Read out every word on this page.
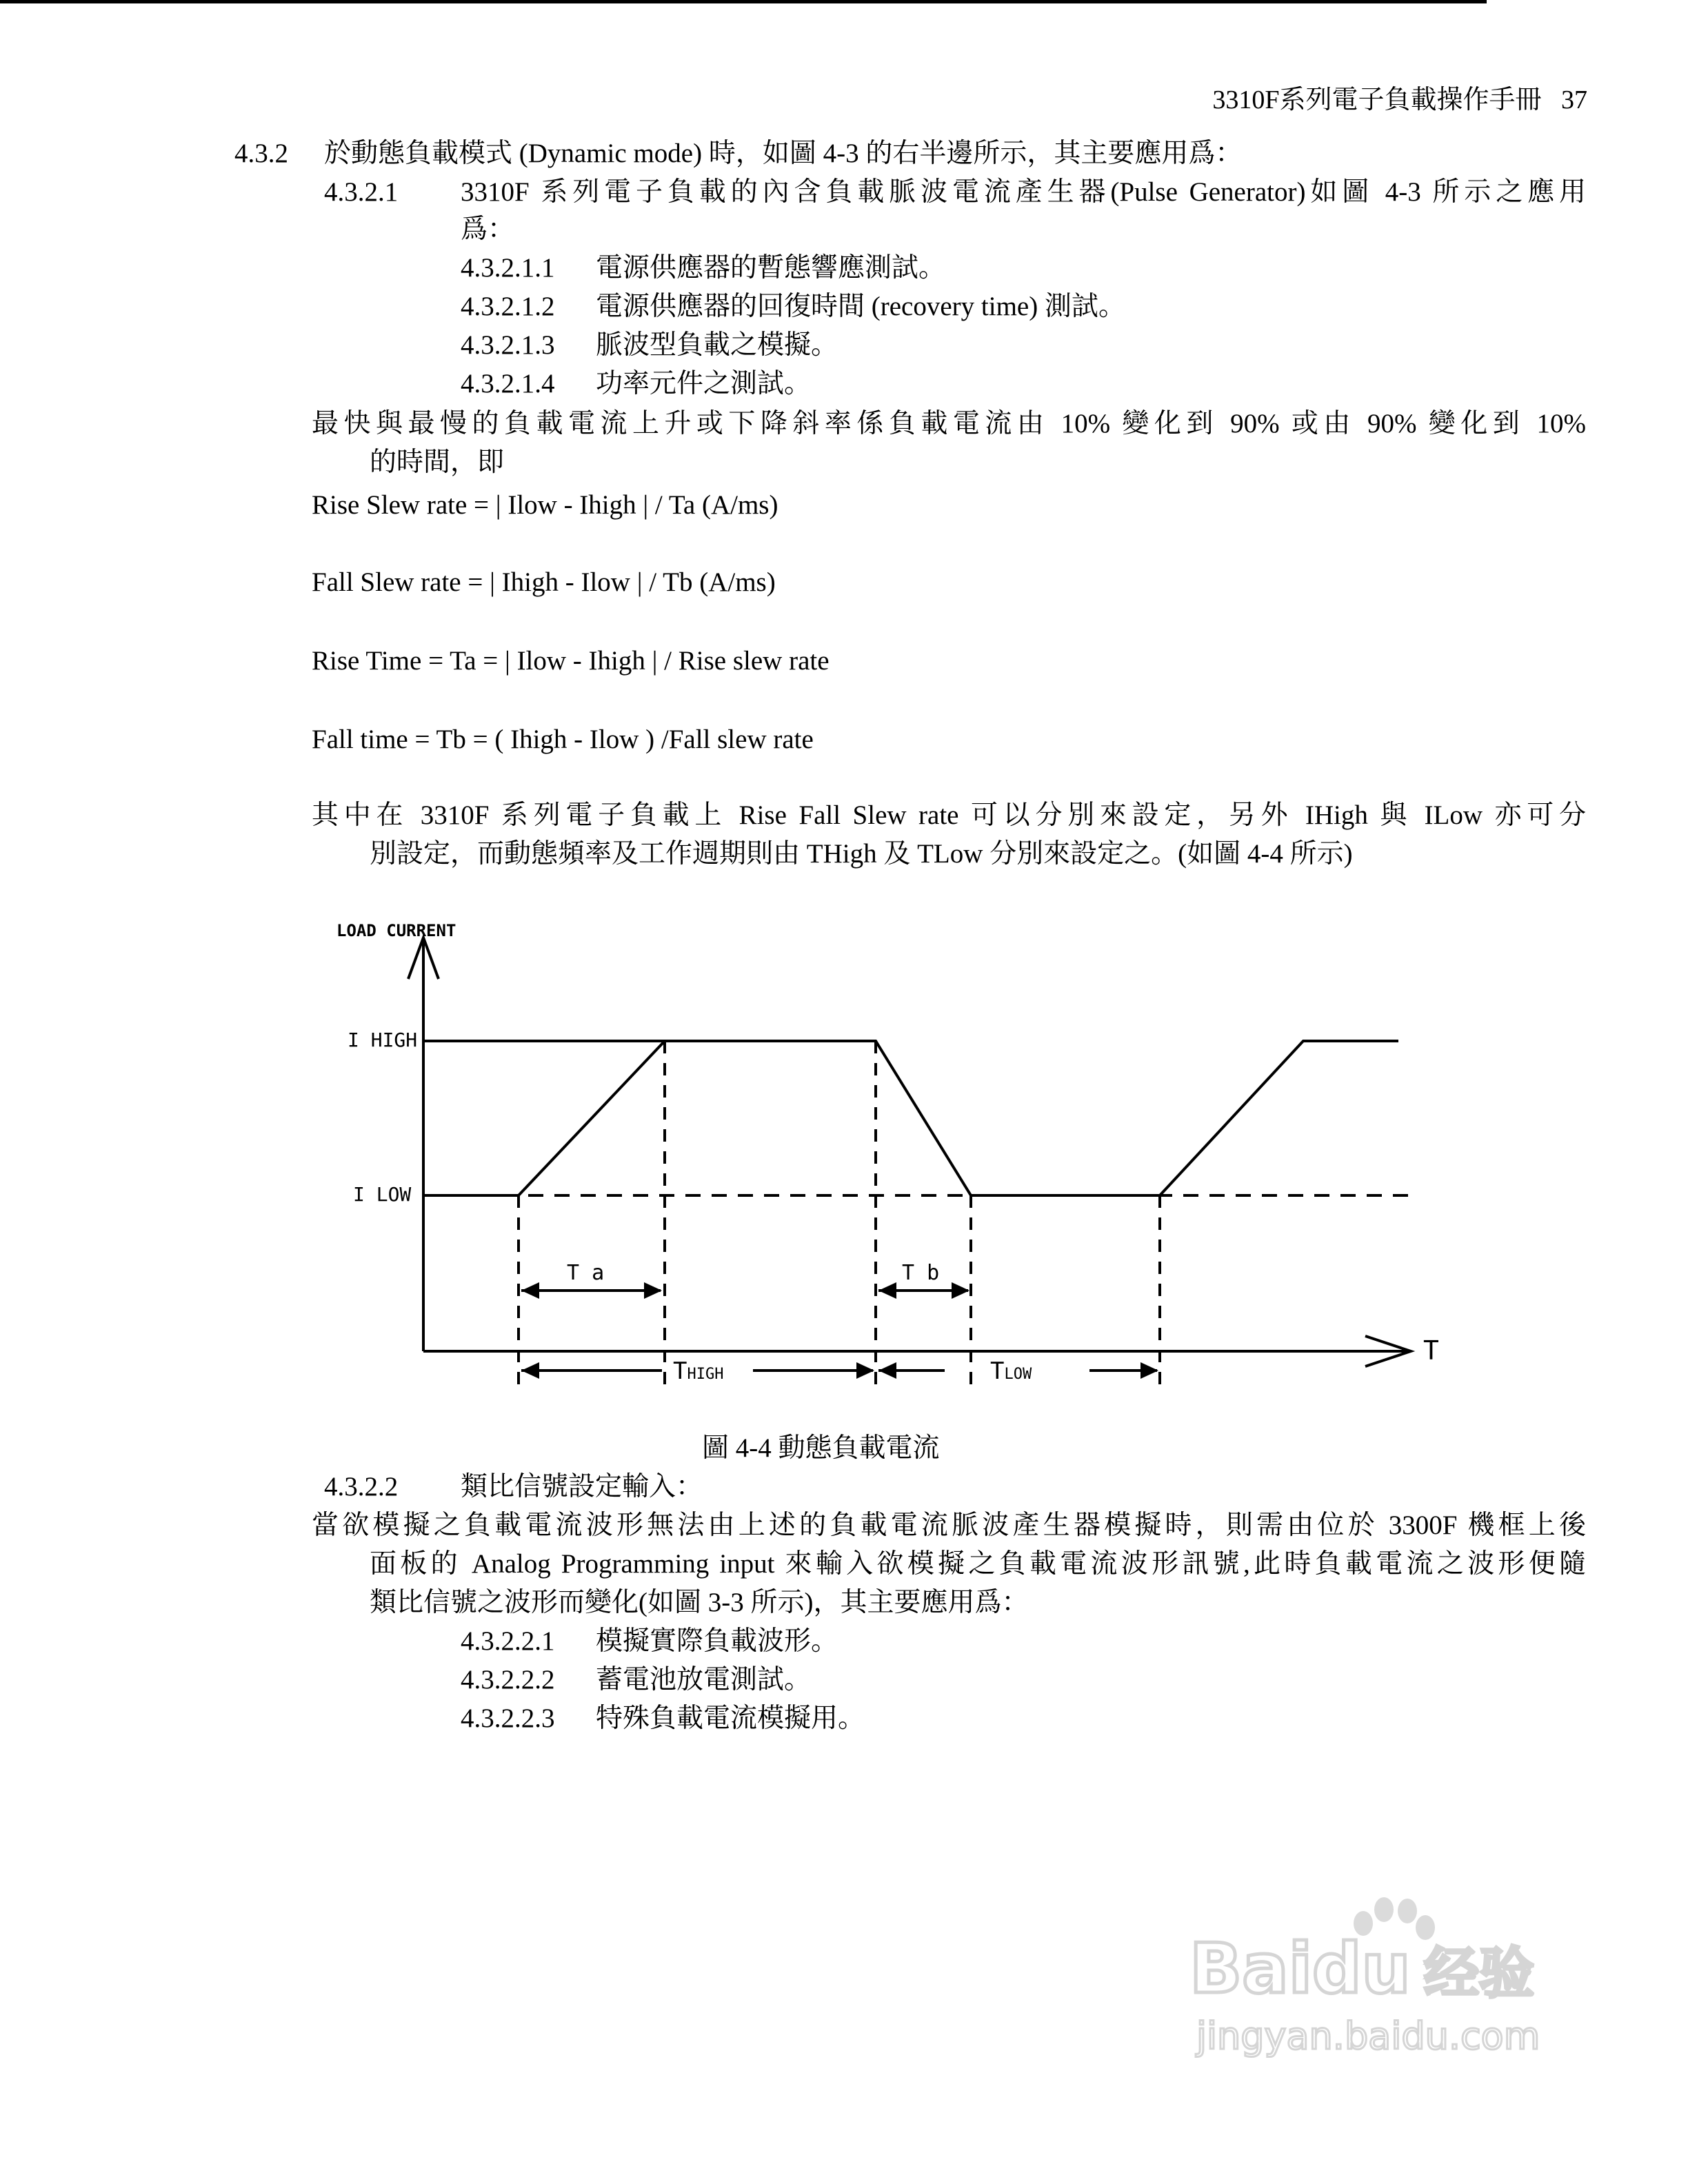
3310F系列電子負載操作手冊 37
4.3.2 於動態負載模式 (Dynamic mode) 時，如圖 4-3 的右半邊所示，其主要應用爲：
4.3.2.1 3310F 系列電子負載的內含負載脈波電流產生器(Pulse Generator)如圖 4-3 所示之應用
爲：
4.3.2.1.1 電源供應器的暫態響應測試。
4.3.2.1.2 電源供應器的回復時間 (recovery time) 測試。
4.3.2.1.3 脈波型負載之模擬。
4.3.2.1.4 功率元件之測試。
最快與最慢的負載電流上升或下降斜率係負載電流由 10% 變化到 90% 或由 90% 變化到 10%
的時間，即
Rise Slew rate = | Ilow - Ihigh | / Ta (A/ms)
Fall Slew rate = | Ihigh - Ilow | / Tb (A/ms)
Rise Time = Ta = | Ilow - Ihigh | / Rise slew rate
Fall time = Tb = ( Ihigh - Ilow ) /Fall slew rate
其中在 3310F 系列電子負載上 Rise Fall Slew rate 可以分別來設定，另外 IHigh 與 ILow 亦可分
別設定，而動態頻率及工作週期則由 THigh 及 TLow 分別來設定之。(如圖 4-4 所示)
LOAD CURRENT
I HIGH
I LOW
T
T a	T b
THIGH	TLOW
圖 4-4 動態負載電流
4.3.2.2 類比信號設定輸入：
當欲模擬之負載電流波形無法由上述的負載電流脈波產生器模擬時，則需由位於 3300F 機框上後
面板的 Analog Programming input 來輸入欲模擬之負載電流波形訊號,此時負載電流之波形便隨
類比信號之波形而變化(如圖 3-3 所示)，其主要應用爲：
4.3.2.2.1 模擬實際負載波形。
4.3.2.2.2 蓄電池放電測試。
4.3.2.2.3 特殊負載電流模擬用。
Baidu 经验
jingyan.baidu.com
